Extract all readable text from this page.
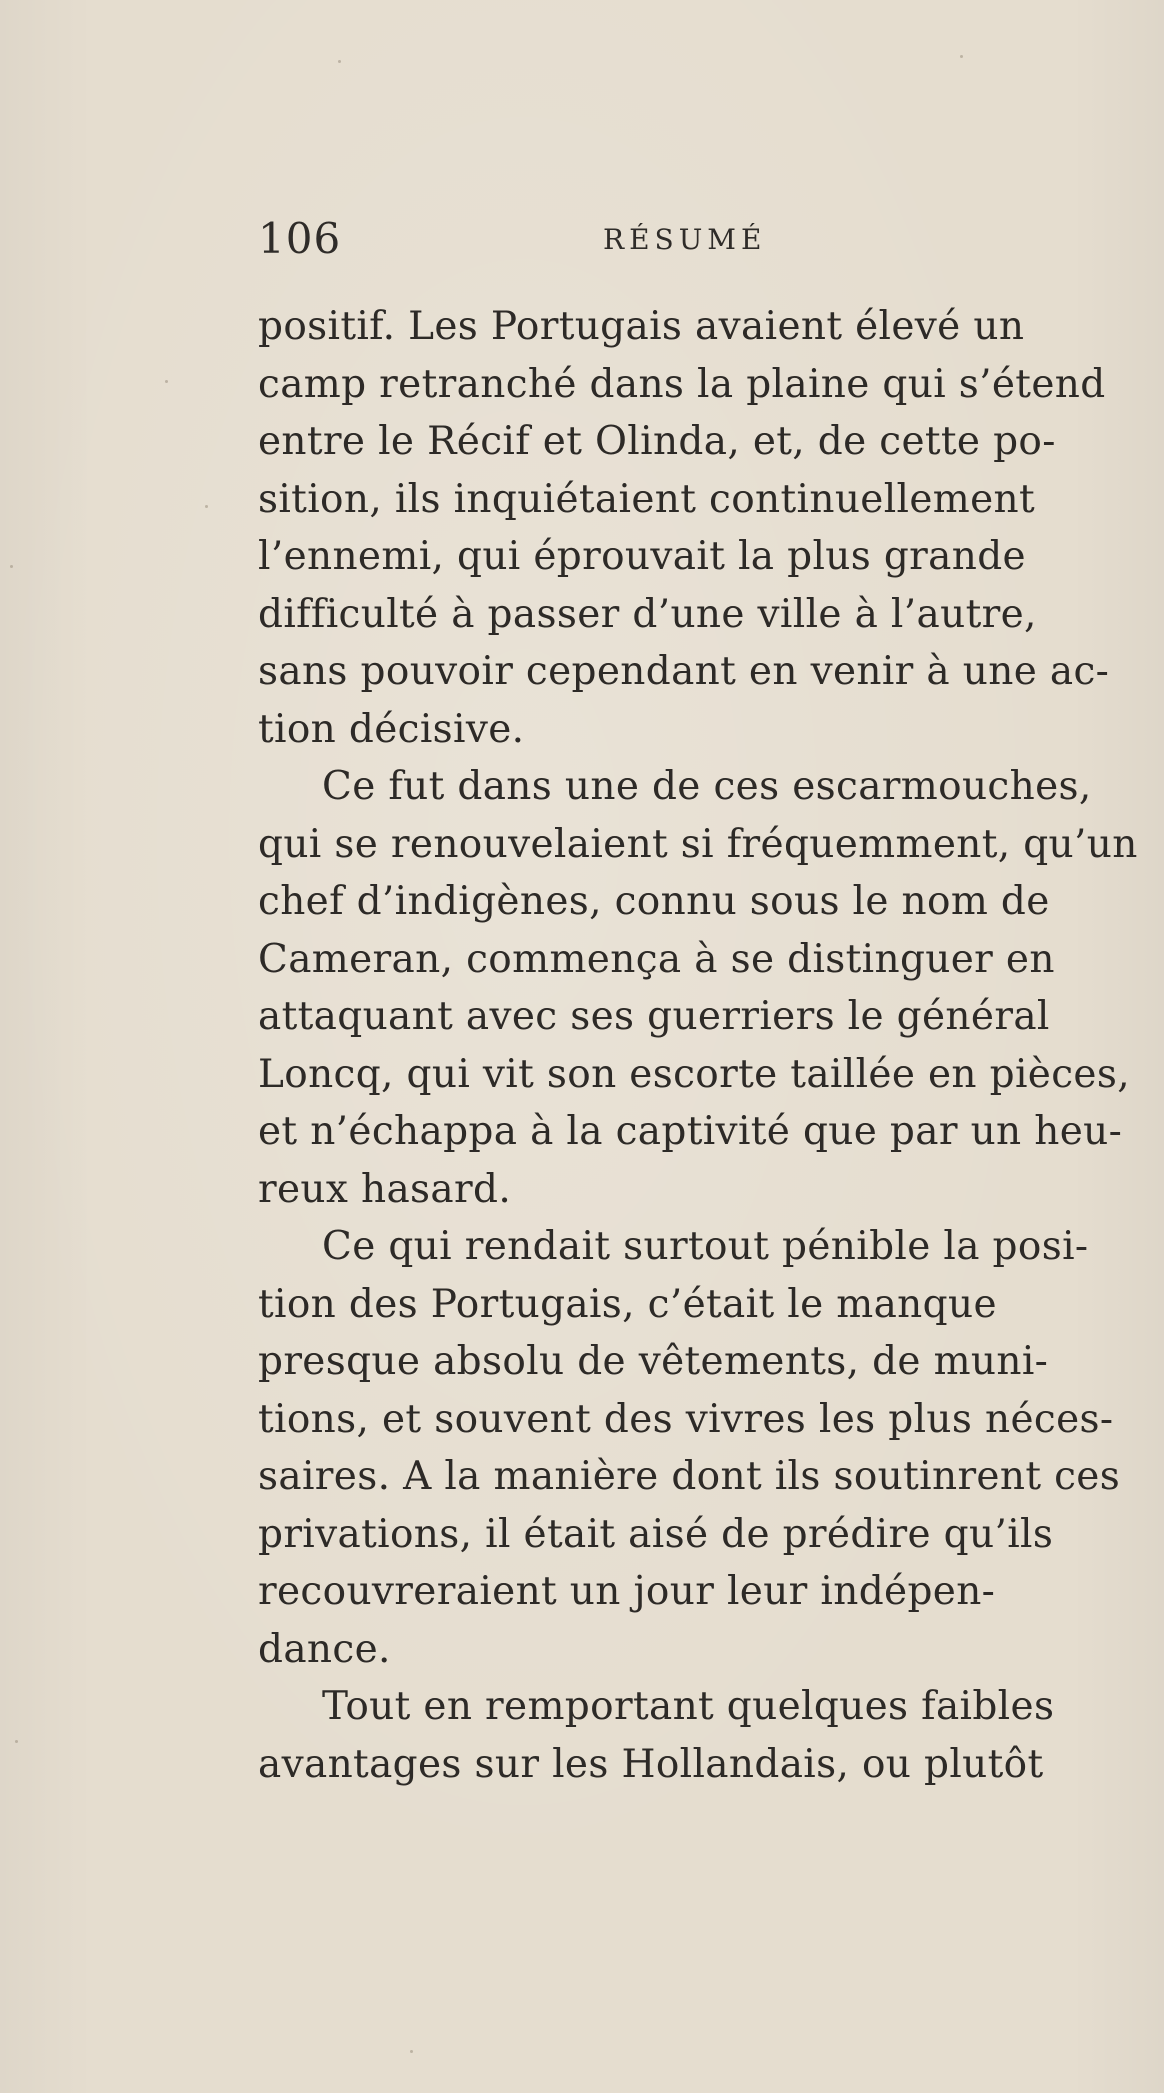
106	RÉSUMÉ
positif. Les Portugais avaient élevé un
camp retranché dans la plaine qui s’étend
entre le Récif et Olinda, et, de cette po-
sition, ils inquiétaient continuellement
l’ennemi, qui éprouvait la plus grande
difficulté à passer d’une ville à l’autre,
sans pouvoir cependant en venir à une ac-
tion décisive.
Ce fut dans une de ces escarmouches,
qui se renouvelaient si fréquemment, qu’un
chef d’indigènes, connu sous le nom de
Cameran, commença à se distinguer en
attaquant avec ses guerriers le général
Loncq, qui vit son escorte taillée en pièces,
et n’échappa à la captivité que par un heu-
reux hasard.
Ce qui rendait surtout pénible la posi-
tion des Portugais, c’était le manque
presque absolu de vêtements, de muni-
tions, et souvent des vivres les plus néces-
saires. A la manière dont ils soutinrent ces
privations, il était aisé de prédire qu’ils
recouvreraient un jour leur indépen-
dance.
Tout en remportant quelques faibles
avantages sur les Hollandais, ou plutôt
